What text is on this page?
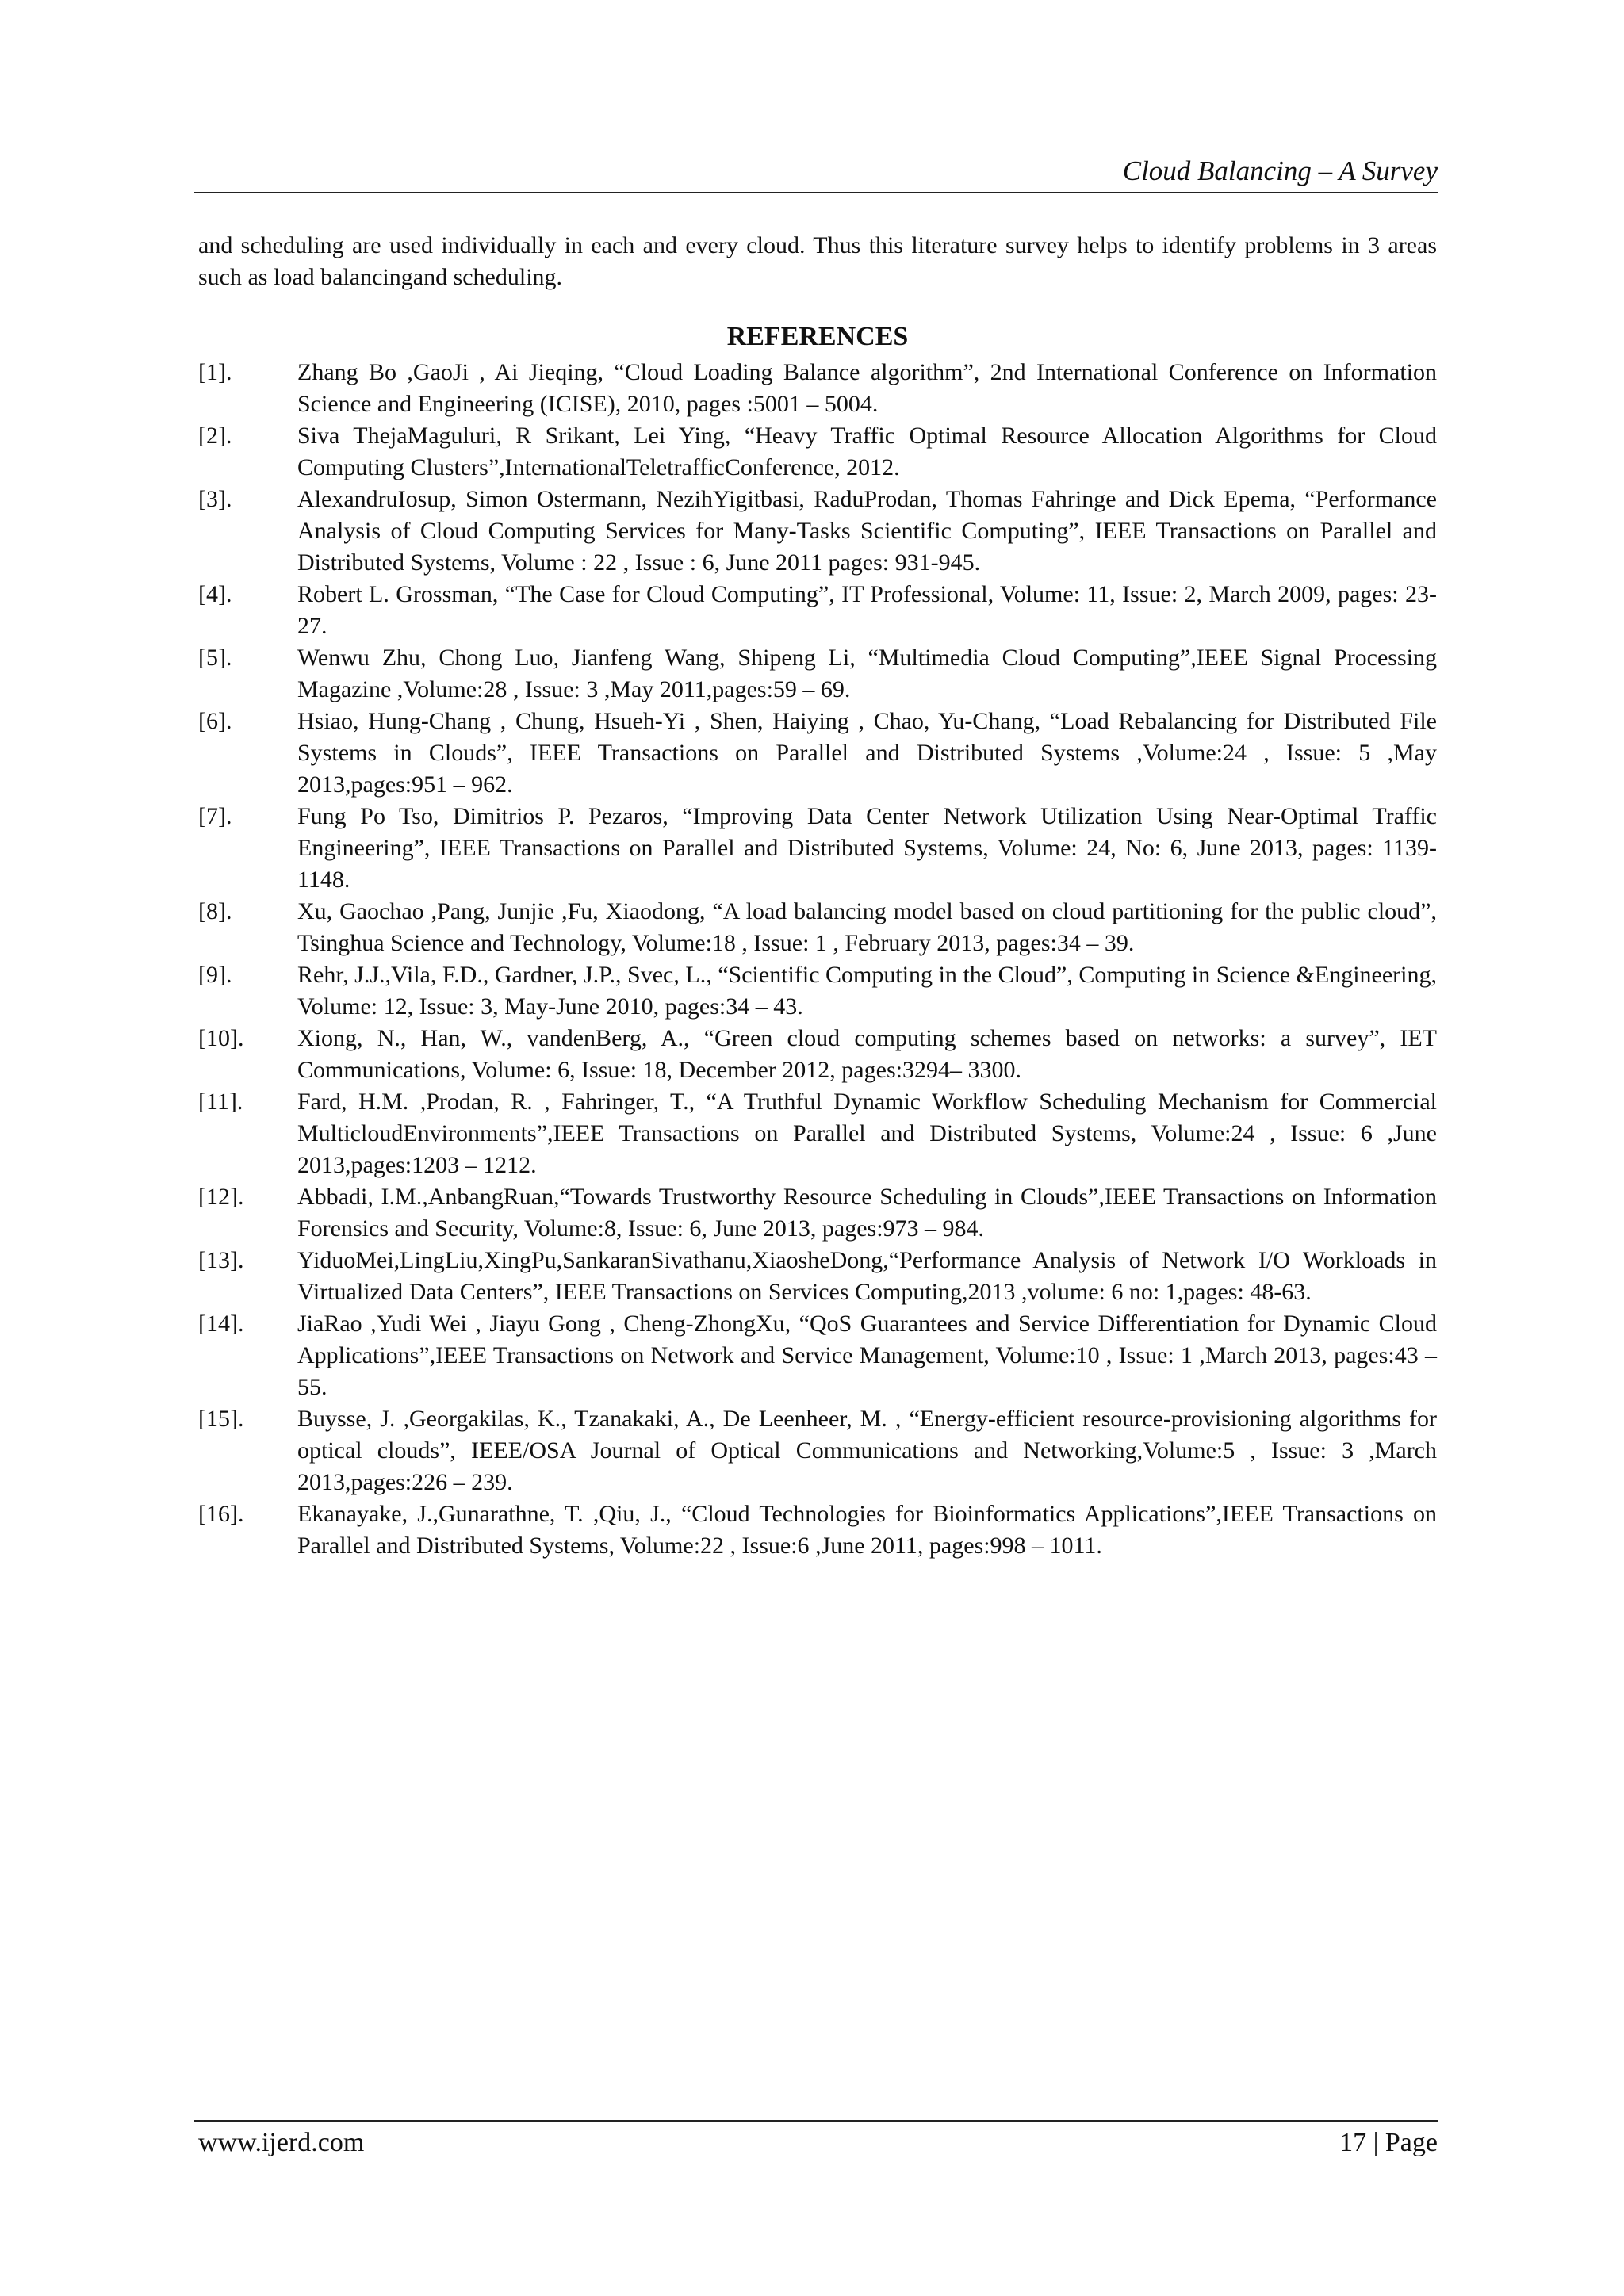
Cloud Balancing – A Survey

and scheduling are used individually in each and every cloud. Thus this literature survey helps to identify problems in 3 areas such as load balancingand scheduling.

REFERENCES
[1].	Zhang Bo ,GaoJi , Ai Jieqing, “Cloud Loading Balance algorithm”, 2nd International Conference on Information Science and Engineering (ICISE), 2010, pages :5001 – 5004.
[2].	Siva ThejaMaguluri, R Srikant, Lei Ying, “Heavy Traffic Optimal Resource Allocation Algorithms for Cloud Computing Clusters”,InternationalTeletrafficConference, 2012.
[3].	AlexandruIosup, Simon Ostermann, NezihYigitbasi, RaduProdan, Thomas Fahringe and Dick Epema, “Performance Analysis of Cloud Computing Services for Many-Tasks Scientific Computing”, IEEE Transactions on Parallel and Distributed Systems, Volume : 22 , Issue : 6, June 2011 pages: 931-945.
[4].	Robert L. Grossman, “The Case for Cloud Computing”, IT Professional, Volume: 11, Issue: 2, March 2009, pages: 23-27.
[5].	Wenwu Zhu, Chong Luo, Jianfeng Wang, Shipeng Li, “Multimedia Cloud Computing”,IEEE Signal Processing Magazine ,Volume:28 , Issue: 3 ,May 2011,pages:59 – 69.
[6].	Hsiao, Hung-Chang , Chung, Hsueh-Yi , Shen, Haiying , Chao, Yu-Chang, “Load Rebalancing for Distributed File Systems in Clouds”, IEEE Transactions on Parallel and Distributed Systems ,Volume:24 , Issue: 5 ,May 2013,pages:951 – 962.
[7].	Fung Po Tso, Dimitrios P. Pezaros, “Improving Data Center Network Utilization Using Near-Optimal Traffic Engineering”, IEEE Transactions on Parallel and Distributed Systems, Volume: 24, No: 6, June 2013, pages: 1139-1148.
[8].	Xu, Gaochao ,Pang, Junjie ,Fu, Xiaodong, “A load balancing model based on cloud partitioning for the public cloud”, Tsinghua Science and Technology, Volume:18 , Issue: 1 , February 2013, pages:34 – 39.
[9].	Rehr, J.J.,Vila, F.D., Gardner, J.P., Svec, L., “Scientific Computing in the Cloud”, Computing in Science &Engineering, Volume: 12, Issue: 3, May-June 2010, pages:34 – 43.
[10].	Xiong, N., Han, W., vandenBerg, A., “Green cloud computing schemes based on networks: a survey”, IET Communications, Volume: 6, Issue: 18, December 2012, pages:3294– 3300.
[11].	Fard, H.M. ,Prodan, R. , Fahringer, T., “A Truthful Dynamic Workflow Scheduling Mechanism for Commercial MulticloudEnvironments”,IEEE Transactions on Parallel and Distributed Systems, Volume:24 , Issue: 6 ,June 2013,pages:1203 – 1212.
[12].	Abbadi, I.M.,AnbangRuan,“Towards Trustworthy Resource Scheduling in Clouds”,IEEE Transactions on Information Forensics and Security, Volume:8, Issue: 6, June 2013, pages:973 – 984.
[13].	YiduoMei,LingLiu,XingPu,SankaranSivathanu,XiaosheDong,“Performance Analysis of Network I/O Workloads in Virtualized Data Centers”, IEEE Transactions on Services Computing,2013 ,volume: 6 no: 1,pages: 48-63.
[14].	JiaRao ,Yudi Wei , Jiayu Gong , Cheng-ZhongXu, “QoS Guarantees and Service Differentiation for Dynamic Cloud Applications”,IEEE Transactions on Network and Service Management, Volume:10 , Issue: 1 ,March 2013, pages:43 – 55.
[15].	Buysse, J. ,Georgakilas, K., Tzanakaki, A., De Leenheer, M. , “Energy-efficient resource-provisioning algorithms for optical clouds”, IEEE/OSA Journal of Optical Communications and Networking,Volume:5 , Issue: 3 ,March 2013,pages:226 – 239.
[16].	Ekanayake, J.,Gunarathne, T. ,Qiu, J., “Cloud Technologies for Bioinformatics Applications”,IEEE Transactions on Parallel and Distributed Systems, Volume:22 , Issue:6 ,June 2011, pages:998 – 1011.
www.ijerd.com	17 | Page
